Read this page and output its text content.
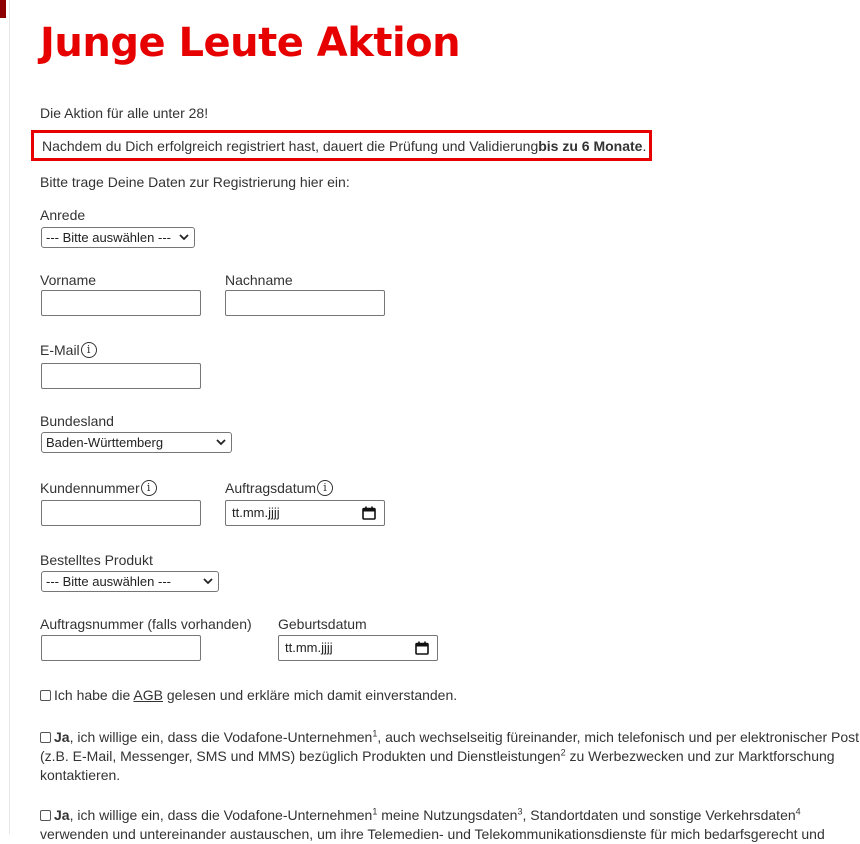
Junge Leute Aktion
Die Aktion für alle unter 28!
Nachdem du Dich erfolgreich registriert hast, dauert die Prüfung und Validierung bis zu 6 Monate .
Bitte trage Deine Daten zur Registrierung hier ein:
Anrede
--- Bitte auswählen ---
Vorname	Nachname
E-Mail i
Bundesland
Baden-Württemberg
Kundennummer i	Auftragsdatum i
tt.mm.jjjj
Bestelltes Produkt
--- Bitte auswählen ---
Auftragsnummer (falls vorhanden) Geburtsdatum
tt.mm.jjjj
Ich habe die AGB gelesen und erkläre mich damit einverstanden.
Ja, ich willige ein, dass die Vodafone-Unternehmen$^1$, auch wechselseitig füreinander, mich telefonisch und per elektronischer Post (z.B. E-Mail, Messenger, SMS und MMS) bezüglich Produkten und Dienstleistungen$^2$ zu Werbezwecken und zur Marktforschung kontaktieren.
Ja, ich willige ein, dass die Vodafone-Unternehmen$^1$ meine Nutzungsdaten$^3$, Standortdaten und sonstige Verkehrsdaten$^4$ verwenden und untereinander austauschen, um ihre Telemedien- und Telekommunikationsdienste für mich bedarfsgerecht und
